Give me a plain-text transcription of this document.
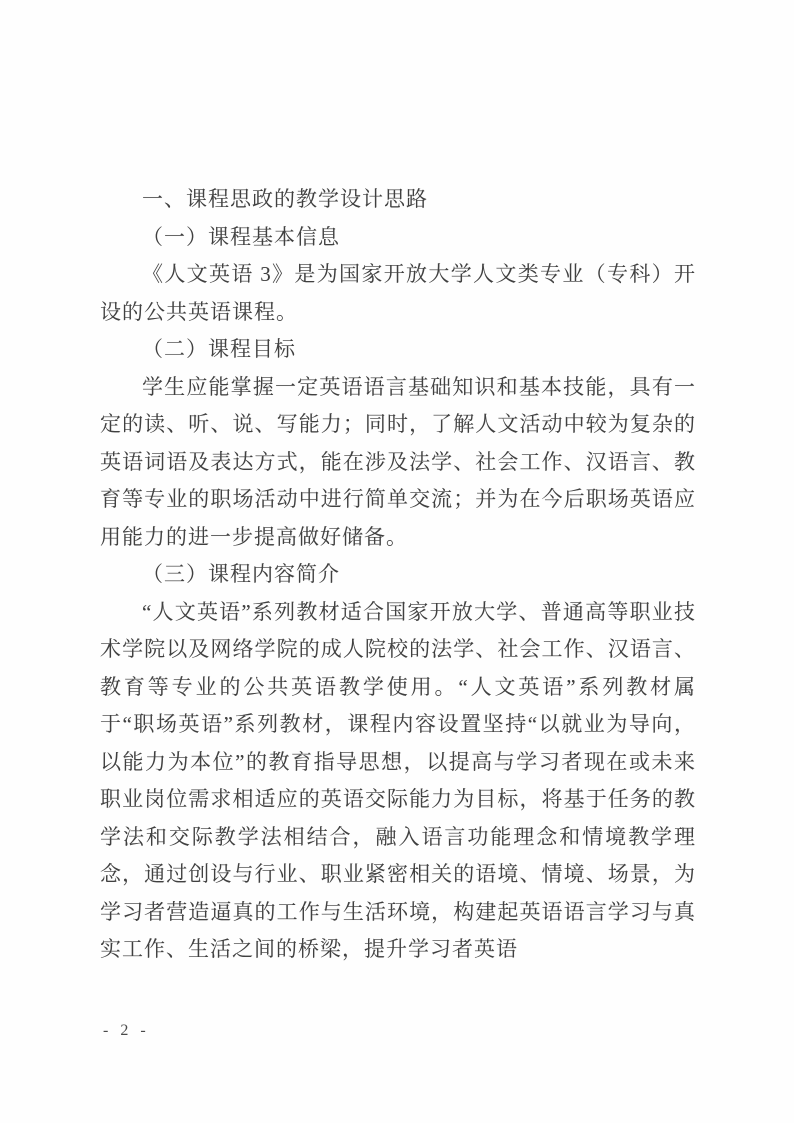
一、课程思政的教学设计思路

（一）课程基本信息

《人文英语 3》是为国家开放大学人文类专业（专科）开设的公共英语课程。

（二）课程目标

学生应能掌握一定英语语言基础知识和基本技能，具有一定的读、听、说、写能力；同时，了解人文活动中较为复杂的英语词语及表达方式，能在涉及法学、社会工作、汉语言、教育等专业的职场活动中进行简单交流；并为在今后职场英语应用能力的进一步提高做好储备。

（三）课程内容简介

“人文英语”系列教材适合国家开放大学、普通高等职业技术学院以及网络学院的成人院校的法学、社会工作、汉语言、教育等专业的公共英语教学使用。“人文英语”系列教材属于“职场英语”系列教材，课程内容设置坚持“以就业为导向，以能力为本位”的教育指导思想，以提高与学习者现在或未来职业岗位需求相适应的英语交际能力为目标，将基于任务的教学法和交际教学法相结合，融入语言功能理念和情境教学理念，通过创设与行业、职业紧密相关的语境、情境、场景，为学习者营造逼真的工作与生活环境，构建起英语语言学习与真实工作、生活之间的桥梁，提升学习者英语

- 2 -
